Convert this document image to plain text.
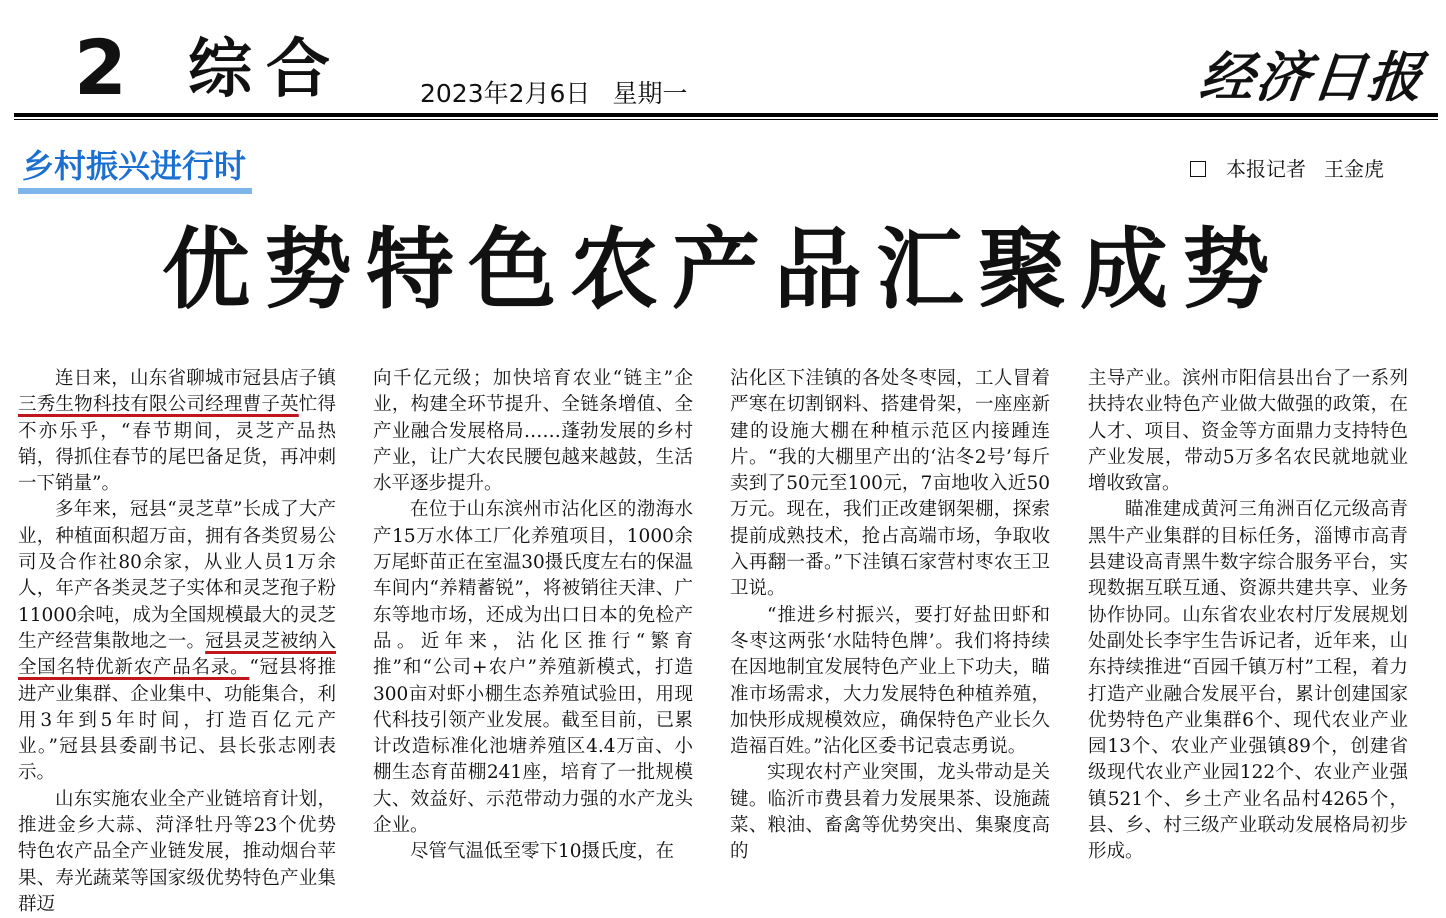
2 综合	2023年2月6日 星期一	经济日报
乡村振兴进行时	本报记者 王金虎
优势特色农产品汇聚成势

连日来，山东省聊城市冠县店子镇三秀生物科技有限公司经理曹子英忙得不亦乐乎，“春节期间，灵芝产品热销，得抓住春节的尾巴备足货，再冲刺一下销量”。

多年来，冠县“灵芝草”长成了大产业，种植面积超万亩，拥有各类贸易公司及合作社80余家，从业人员1万余人，年产各类灵芝子实体和灵芝孢子粉11000余吨，成为全国规模最大的灵芝生产经营集散地之一。冠县灵芝被纳入全国名特优新农产品名录。“冠县将推进产业集群、企业集中、功能集合，利用3年到5年时间，打造百亿元产业。”冠县县委副书记、县长张志刚表示。

山东实施农业全产业链培育计划，推进金乡大蒜、菏泽牡丹等23个优势特色农产品全产业链发展，推动烟台苹果、寿光蔬菜等国家级优势特色产业集群迈

向千亿元级；加快培育农业“链主”企业，构建全环节提升、全链条增值、全产业融合发展格局……蓬勃发展的乡村产业，让广大农民腰包越来越鼓，生活水平逐步提升。

在位于山东滨州市沾化区的渤海水产15万水体工厂化养殖项目，1000余万尾虾苗正在室温30摄氏度左右的保温车间内“养精蓄锐”，将被销往天津、广东等地市场，还成为出口日本的免检产品。近年来，沾化区推行“繁育推”和“公司+农户”养殖新模式，打造300亩对虾小棚生态养殖试验田，用现代科技引领产业发展。截至目前，已累计改造标准化池塘养殖区4.4万亩、小棚生态育苗棚241座，培育了一批规模大、效益好、示范带动力强的水产龙头企业。

尽管气温低至零下10摄氏度，在

沾化区下洼镇的各处冬枣园，工人冒着严寒在切割钢料、搭建骨架，一座座新建的设施大棚在种植示范区内接踵连片。“我的大棚里产出的‘沾冬2号’每斤卖到了50元至100元，7亩地收入近50万元。现在，我们正改建钢架棚，探索提前成熟技术，抢占高端市场，争取收入再翻一番。”下洼镇石家营村枣农王卫卫说。

“推进乡村振兴，要打好盐田虾和冬枣这两张‘水陆特色牌’。我们将持续在因地制宜发展特色产业上下功夫，瞄准市场需求，大力发展特色种植养殖，加快形成规模效应，确保特色产业长久造福百姓。”沾化区委书记袁志勇说。

实现农村产业突围，龙头带动是关键。临沂市费县着力发展果茶、设施蔬菜、粮油、畜禽等优势突出、集聚度高的

主导产业。滨州市阳信县出台了一系列扶持农业特色产业做大做强的政策，在人才、项目、资金等方面鼎力支持特色产业发展，带动5万多名农民就地就业增收致富。

瞄准建成黄河三角洲百亿元级高青黑牛产业集群的目标任务，淄博市高青县建设高青黑牛数字综合服务平台，实现数据互联互通、资源共建共享、业务协作协同。山东省农业农村厅发展规划处副处长李宇生告诉记者，近年来，山东持续推进“百园千镇万村”工程，着力打造产业融合发展平台，累计创建国家优势特色产业集群6个、现代农业产业园13个、农业产业强镇89个，创建省级现代农业产业园122个、农业产业强镇521个、乡土产业名品村4265个，县、乡、村三级产业联动发展格局初步形成。
